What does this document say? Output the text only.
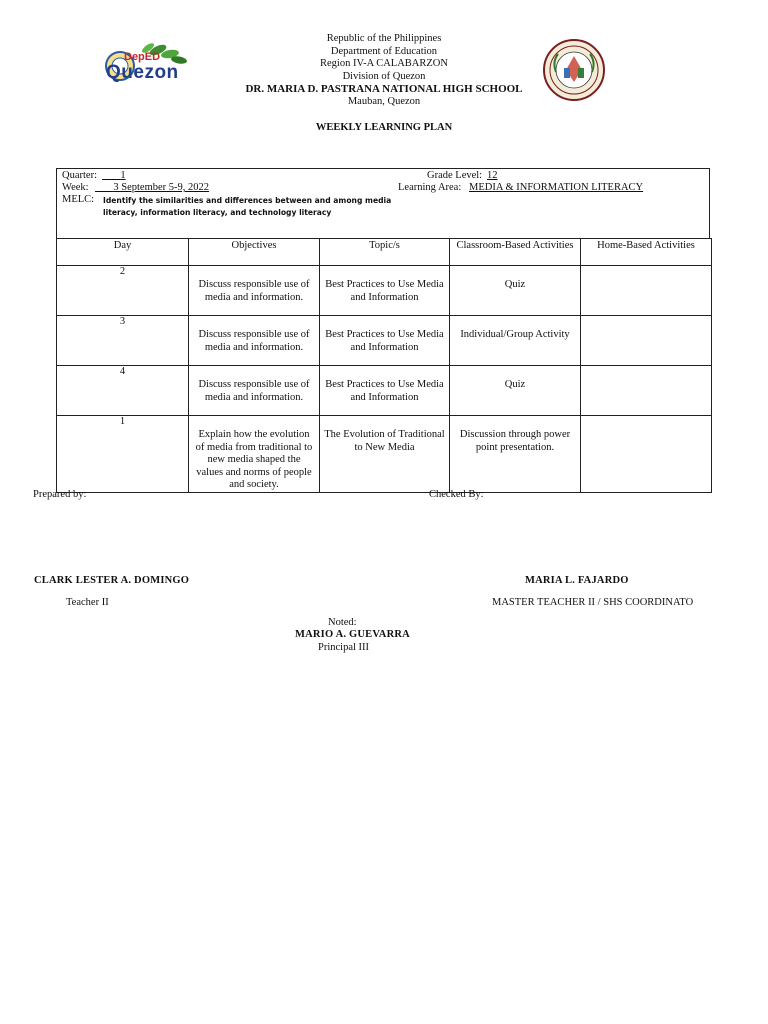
DepED
Quezon
Republic of the Philippines
Department of Education
Region IV-A CALABARZON
Division of Quezon
DR. MARIA D. PASTRANA NATIONAL HIGH SCHOOL
Mauban, Quezon
WEEKLY LEARNING PLAN
Quarter:	1
Week:	3 September 5-9, 2022
MELC: Identify the similarities and differences between and among media
literacy, information literacy, and technology literacy
Grade Level: 12
Learning Area: MEDIA & INFORMATION LITERACY
Day	Objectives	Topic/s	Classroom-Based Activities	Home-Based Activities
2	Discuss responsible use of media and information.	Best Practices to Use Media and Information	Quiz	
3	Discuss responsible use of media and information.	Best Practices to Use Media and Information	Individual/Group Activity	
4	Discuss responsible use of media and information.	Best Practices to Use Media and Information	Quiz	
1	Explain how the evolution of media from traditional to new media shaped the values and norms of people and society.	The Evolution of Traditional to New Media	Discussion through power point presentation.	
Prepared by:	Checked By:
CLARK LESTER A. DOMINGO
Teacher II
MARIA L. FAJARDO
MASTER TEACHER II / SHS COORDINATO
Noted:
MARIO A. GUEVARRA
Principal III
